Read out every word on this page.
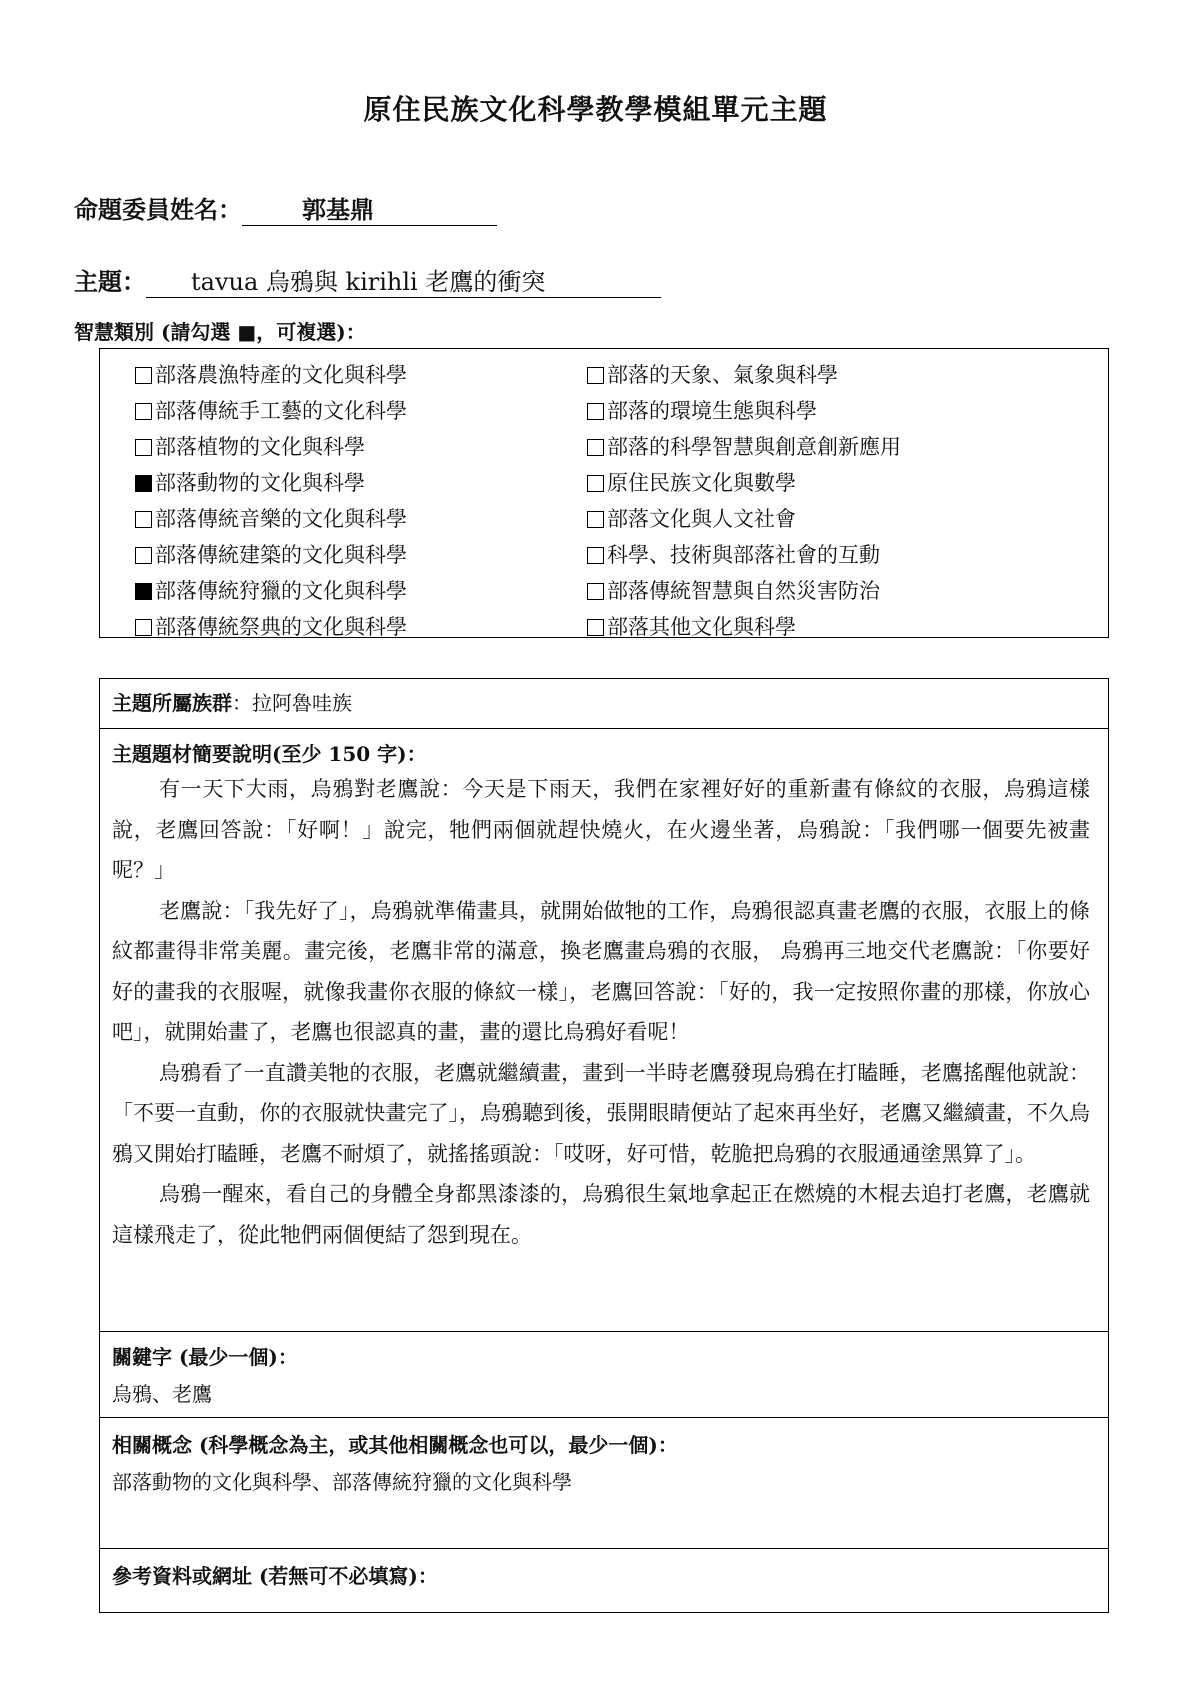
原住民族文化科學教學模組單元主題
命題委員姓名：	郭基鼎
主題： tavua 烏鴉與 kirihli 老鷹的衝突
智慧類別 (請勾選 ■，可複選)：
部落農漁特產的文化與科學
部落傳統手工藝的文化科學
部落植物的文化與科學
部落動物的文化與科學
部落傳統音樂的文化與科學
部落傳統建築的文化與科學
部落傳統狩獵的文化與科學
部落傳統祭典的文化與科學
部落的天象、氣象與科學
部落的環境生態與科學
部落的科學智慧與創意創新應用
原住民族文化與數學
部落文化與人文社會
科學、技術與部落社會的互動
部落傳統智慧與自然災害防治
部落其他文化與科學
主題所屬族群：拉阿魯哇族
主題題材簡要說明(至少 150 字)：

有一天下大雨，烏鴉對老鷹說：今天是下雨天，我們在家裡好好的重新畫有條紋的衣服，烏鴉這樣說，老鷹回答說：「好啊！」說完，牠們兩個就趕快燒火，在火邊坐著，烏鴉說：「我們哪一個要先被畫呢？」

老鷹說：「我先好了」，烏鴉就準備畫具，就開始做牠的工作，烏鴉很認真畫老鷹的衣服，衣服上的條紋都畫得非常美麗。畫完後，老鷹非常的滿意，換老鷹畫烏鴉的衣服， 烏鴉再三地交代老鷹說：「你要好好的畫我的衣服喔，就像我畫你衣服的條紋一樣」，老鷹回答說：「好的，我一定按照你畫的那樣，你放心吧」，就開始畫了，老鷹也很認真的畫，畫的還比烏鴉好看呢！

烏鴉看了一直讚美牠的衣服，老鷹就繼續畫，畫到一半時老鷹發現烏鴉在打瞌睡，老鷹搖醒他就說：「不要一直動，你的衣服就快畫完了」，烏鴉聽到後，張開眼睛便站了起來再坐好，老鷹又繼續畫，不久烏鴉又開始打瞌睡，老鷹不耐煩了，就搖搖頭說：「哎呀，好可惜，乾脆把烏鴉的衣服通通塗黑算了」。

烏鴉一醒來，看自己的身體全身都黑漆漆的，烏鴉很生氣地拿起正在燃燒的木棍去追打老鷹，老鷹就這樣飛走了，從此牠們兩個便結了怨到現在。

關鍵字 (最少一個)：
烏鴉、老鷹
相關概念 (科學概念為主，或其他相關概念也可以，最少一個)：
部落動物的文化與科學、部落傳統狩獵的文化與科學
參考資料或網址 (若無可不必填寫)：
